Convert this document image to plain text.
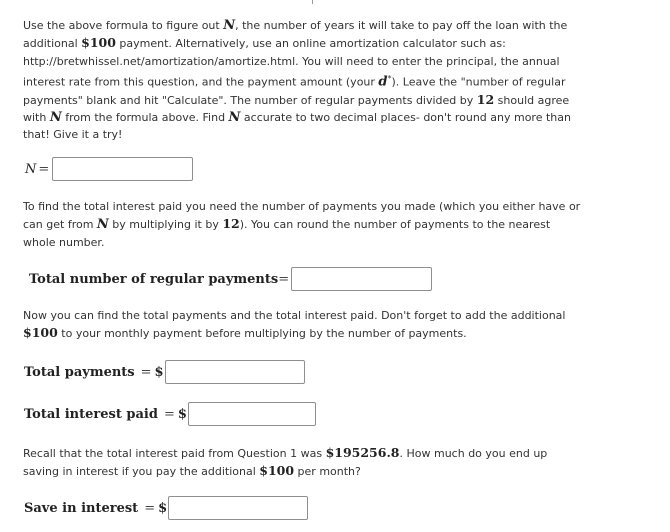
Use the above formula to figure out N, the number of years it will take to pay off the loan with the additional $100 payment. Alternatively, use an online amortization calculator such as: http://bretwhissel.net/amortization/amortize.html. You will need to enter the principal, the annual interest rate from this question, and the payment amount (your d*). Leave the "number of regular payments" blank and hit "Calculate". The number of regular payments divided by 12 should agree with N from the formula above. Find N accurate to two decimal places- don't round any more than that! Give it a try!

N =

To find the total interest paid you need the number of payments you made (which you either have or can get from N by multiplying it by 12). You can round the number of payments to the nearest whole number.

Total number of regular payments =

Now you can find the total payments and the total interest paid. Don't forget to add the additional $100 to your monthly payment before multiplying by the number of payments.

Total payments = $
Total interest paid = $

Recall that the total interest paid from Question 1 was $195256.8. How much do you end up saving in interest if you pay the additional $100 per month?

Save in interest = $
